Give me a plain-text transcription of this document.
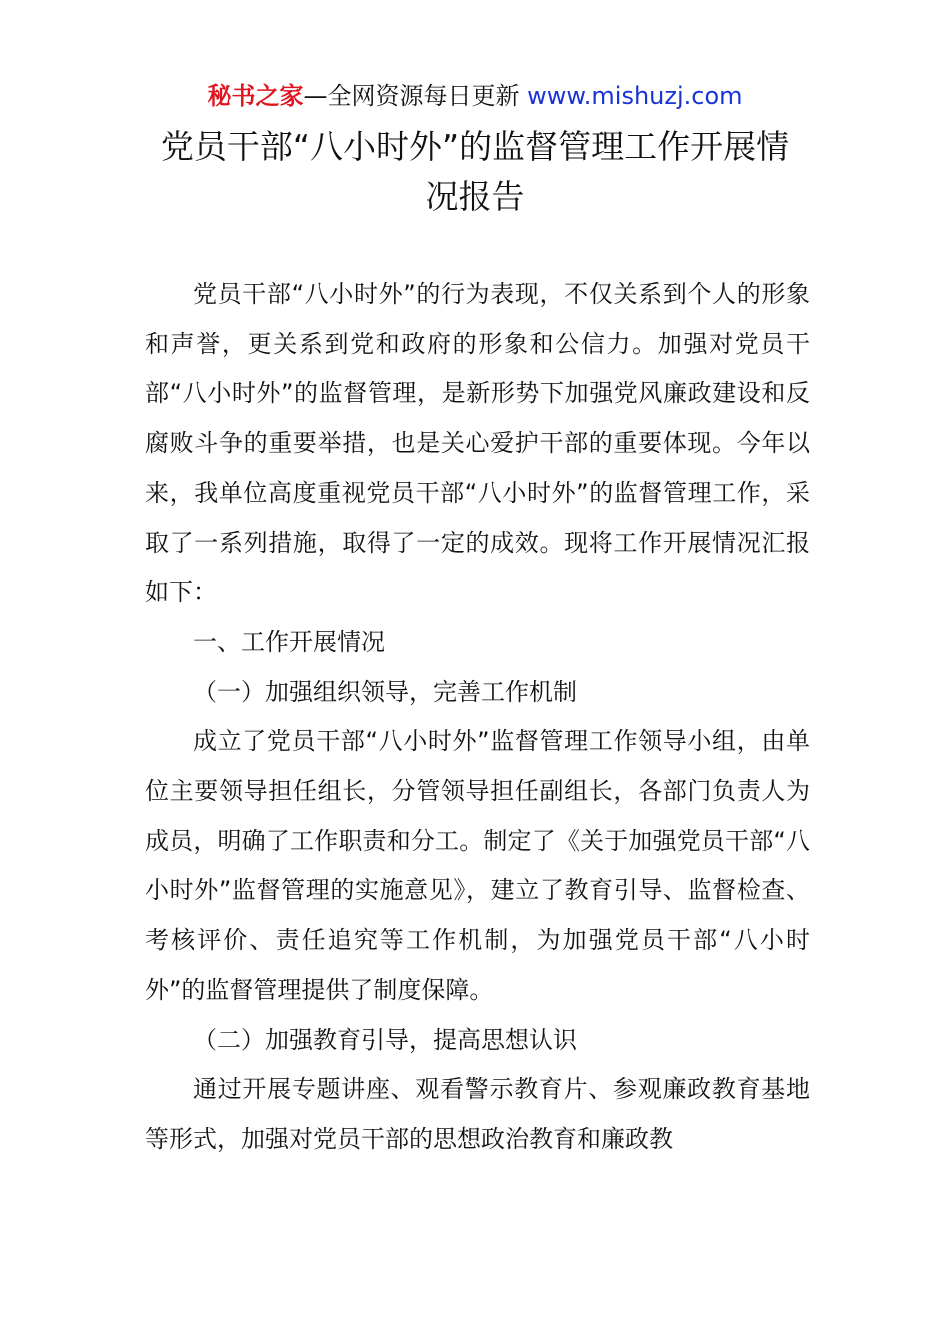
秘书之家—全网资源每日更新 www.mishuzj.com
党员干部“八小时外”的监督管理工作开展情
况报告

党员干部“八小时外”的行为表现，不仅关系到个人的形象和声誉，更关系到党和政府的形象和公信力。加强对党员干部“八小时外”的监督管理，是新形势下加强党风廉政建设和反腐败斗争的重要举措，也是关心爱护干部的重要体现。今年以来，我单位高度重视党员干部“八小时外”的监督管理工作，采取了一系列措施，取得了一定的成效。现将工作开展情况汇报如下：

一、工作开展情况

（一）加强组织领导，完善工作机制

成立了党员干部“八小时外”监督管理工作领导小组，由单位主要领导担任组长，分管领导担任副组长，各部门负责人为成员，明确了工作职责和分工。制定了《关于加强党员干部“八小时外”监督管理的实施意见》，建立了教育引导、监督检查、考核评价、责任追究等工作机制，为加强党员干部“八小时外”的监督管理提供了制度保障。

（二）加强教育引导，提高思想认识

通过开展专题讲座、观看警示教育片、参观廉政教育基地等形式，加强对党员干部的思想政治教育和廉政教
